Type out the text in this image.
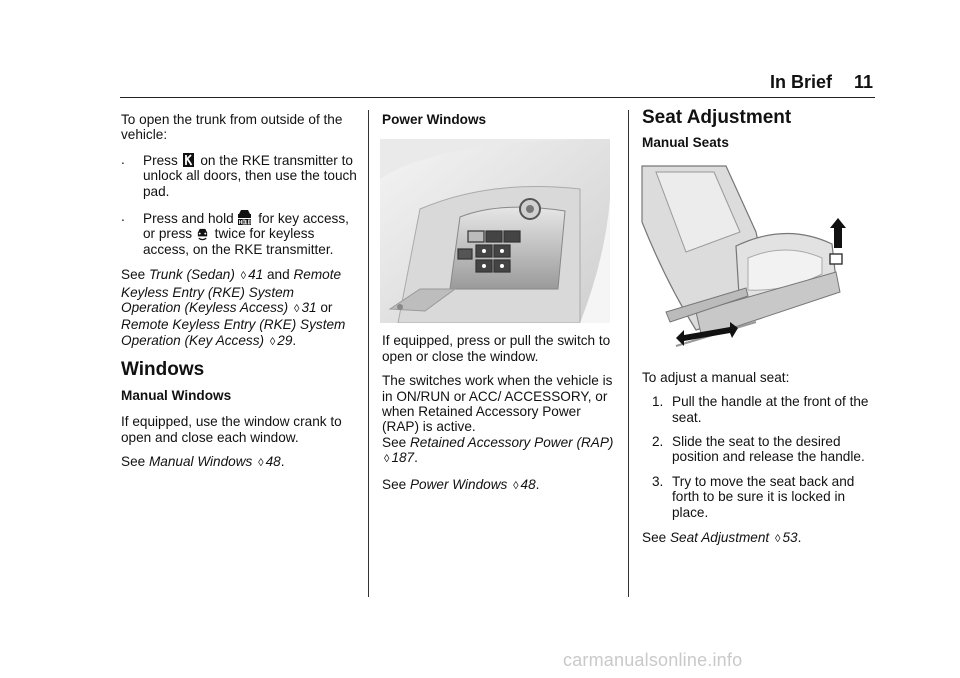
In Brief 11

To open the trunk from outside of the vehicle:

. Press on the RKE transmitter to unlock all doors, then use the touch pad.
. Press and hold for key access, or press twice for keyless access, on the RKE transmitter.

See Trunk (Sedan) ◊ 41 and Remote Keyless Entry (RKE) System Operation (Keyless Access) ◊ 31 or Remote Keyless Entry (RKE) System Operation (Key Access) ◊ 29.

Windows
Manual Windows

If equipped, use the window crank to open and close each window.

See Manual Windows ◊ 48.

Power Windows

If equipped, press or pull the switch to open or close the window.

The switches work when the vehicle is in ON/RUN or ACC/ ACCESSORY, or when Retained Accessory Power (RAP) is active.

See Retained Accessory Power (RAP) ◊ 187.

See Power Windows ◊ 48.

Seat Adjustment
Manual Seats

To adjust a manual seat:

1. Pull the handle at the front of the seat.
2. Slide the seat to the desired position and release the handle.
3. Try to move the seat back and forth to be sure it is locked in place.

See Seat Adjustment ◊ 53.

carmanualsonline.info
